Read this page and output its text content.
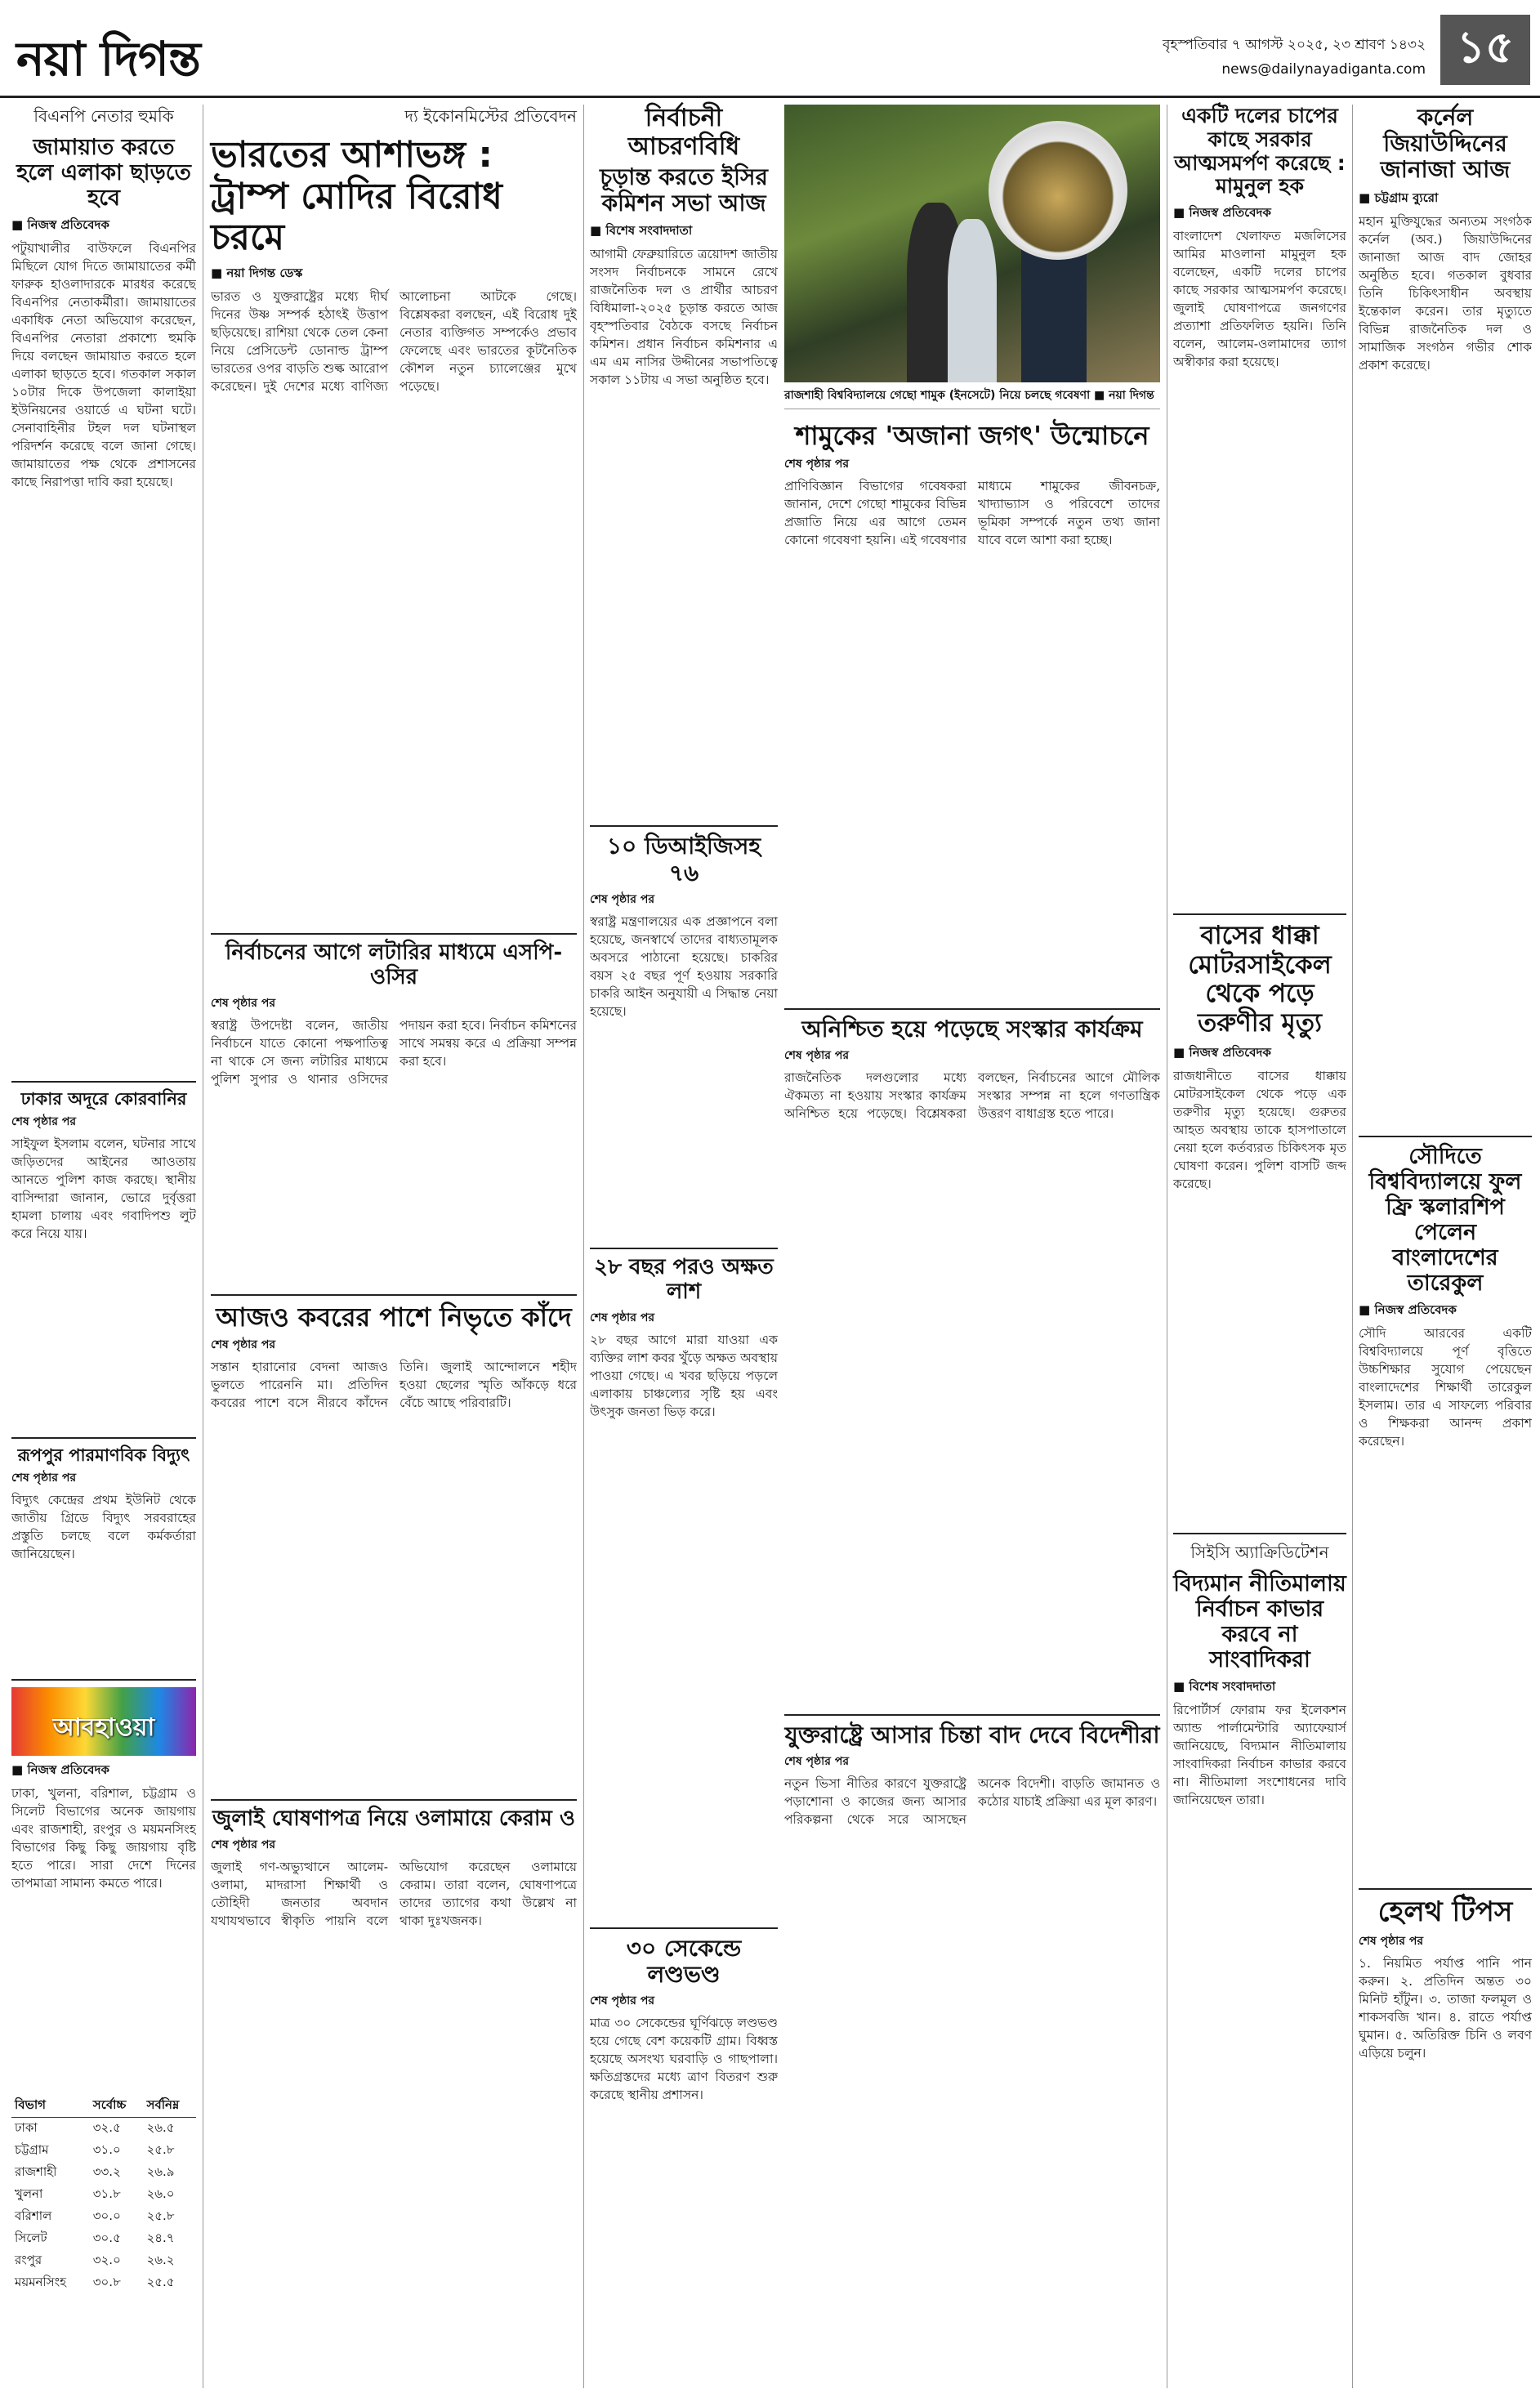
নয়া দিগন্ত	বৃহস্পতিবার ৭ আগস্ট ২০২৫, ২৩ শ্রাবণ ১৪৩২
news@dailynayadiganta.com ১৫
বিএনপি নেতার হুমকি
জামায়াত করতে হলে এলাকা ছাড়তে হবে
■ নিজস্ব প্রতিবেদক
পটুয়াখালীর বাউফলে বিএনপির মিছিলে যোগ দিতে জামায়াতের কর্মী ফারুক হাওলাদারকে মারধর করেছে বিএনপির নেতাকর্মীরা। জামায়াতের একাধিক নেতা অভিযোগ করেছেন, বিএনপির নেতারা প্রকাশ্যে হুমকি দিয়ে বলছেন জামায়াত করতে হলে এলাকা ছাড়তে হবে। গতকাল সকাল ১০টার দিকে উপজেলা কালাইয়া ইউনিয়নের ওয়ার্ডে এ ঘটনা ঘটে। সেনাবাহিনীর টহল দল ঘটনাস্থল পরিদর্শন করেছে বলে জানা গেছে। জামায়াতের পক্ষ থেকে প্রশাসনের কাছে নিরাপত্তা দাবি করা হয়েছে।
ঢাকার অদূরে কোরবানির
শেষ পৃষ্ঠার পর
সাইফুল ইসলাম বলেন, ঘটনার সাথে জড়িতদের আইনের আওতায় আনতে পুলিশ কাজ করছে। স্থানীয় বাসিন্দারা জানান, ভোরে দুর্বৃত্তরা হামলা চালায় এবং গবাদিপশু লুট করে নিয়ে যায়।
রূপপুর পারমাণবিক বিদ্যুৎ
শেষ পৃষ্ঠার পর
বিদ্যুৎ কেন্দ্রের প্রথম ইউনিট থেকে জাতীয় গ্রিডে বিদ্যুৎ সরবরাহের প্রস্তুতি চলছে বলে কর্মকর্তারা জানিয়েছেন।
আবহাওয়া
■ নিজস্ব প্রতিবেদক
ঢাকা, খুলনা, বরিশাল, চট্টগ্রাম ও সিলেট বিভাগের অনেক জায়গায় এবং রাজশাহী, রংপুর ও ময়মনসিংহ বিভাগের কিছু কিছু জায়গায় বৃষ্টি হতে পারে। সারা দেশে দিনের তাপমাত্রা সামান্য কমতে পারে।
বিভাগ	সর্বোচ্চ	সর্বনিম্ন
ঢাকা	৩২.৫	২৬.৫
চট্টগ্রাম	৩১.০	২৫.৮
রাজশাহী	৩৩.২	২৬.৯
খুলনা	৩১.৮	২৬.০
বরিশাল	৩০.০	২৫.৮
সিলেট	৩০.৫	২৪.৭
রংপুর	৩২.০	২৬.২
ময়মনসিংহ	৩০.৮	২৫.৫
দ্য ইকোনমিস্টের প্রতিবেদন
ভারতের আশাভঙ্গ : ট্রাম্প মোদির বিরোধ চরমে
■ নয়া দিগন্ত ডেস্ক
ভারত ও যুক্তরাষ্ট্রের মধ্যে দীর্ঘ দিনের উষ্ণ সম্পর্ক হঠাৎই উত্তাপ ছড়িয়েছে। রাশিয়া থেকে তেল কেনা নিয়ে প্রেসিডেন্ট ডোনাল্ড ট্রাম্প ভারতের ওপর বাড়তি শুল্ক আরোপ করেছেন। দুই দেশের মধ্যে বাণিজ্য আলোচনা আটকে গেছে। বিশ্লেষকরা বলছেন, এই বিরোধ দুই নেতার ব্যক্তিগত সম্পর্কেও প্রভাব ফেলেছে এবং ভারতের কূটনৈতিক কৌশল নতুন চ্যালেঞ্জের মুখে পড়েছে।
নির্বাচনের আগে লটারির মাধ্যমে এসপি-ওসির
শেষ পৃষ্ঠার পর
স্বরাষ্ট্র উপদেষ্টা বলেন, জাতীয় নির্বাচনে যাতে কোনো পক্ষপাতিত্ব না থাকে সে জন্য লটারির মাধ্যমে পুলিশ সুপার ও থানার ওসিদের পদায়ন করা হবে। নির্বাচন কমিশনের সাথে সমন্বয় করে এ প্রক্রিয়া সম্পন্ন করা হবে।
আজও কবরের পাশে নিভৃতে কাঁদে
শেষ পৃষ্ঠার পর
সন্তান হারানোর বেদনা আজও ভুলতে পারেননি মা। প্রতিদিন কবরের পাশে বসে নীরবে কাঁদেন তিনি। জুলাই আন্দোলনে শহীদ হওয়া ছেলের স্মৃতি আঁকড়ে ধরে বেঁচে আছে পরিবারটি।
জুলাই ঘোষণাপত্র নিয়ে ওলামায়ে কেরাম ও
শেষ পৃষ্ঠার পর
জুলাই গণ-অভ্যুত্থানে আলেম-ওলামা, মাদরাসা শিক্ষার্থী ও তৌহিদী জনতার অবদান যথাযথভাবে স্বীকৃতি পায়নি বলে অভিযোগ করেছেন ওলামায়ে কেরাম। তারা বলেন, ঘোষণাপত্রে তাদের ত্যাগের কথা উল্লেখ না থাকা দুঃখজনক।
নির্বাচনী আচরণবিধি
চূড়ান্ত করতে ইসির কমিশন সভা আজ
■ বিশেষ সংবাদদাতা
আগামী ফেব্রুয়ারিতে ত্রয়োদশ জাতীয় সংসদ নির্বাচনকে সামনে রেখে রাজনৈতিক দল ও প্রার্থীর আচরণ বিধিমালা-২০২৫ চূড়ান্ত করতে আজ বৃহস্পতিবার বৈঠকে বসছে নির্বাচন কমিশন। প্রধান নির্বাচন কমিশনার এ এম এম নাসির উদ্দীনের সভাপতিত্বে সকাল ১১টায় এ সভা অনুষ্ঠিত হবে।
১০ ডিআইজিসহ ৭৬
শেষ পৃষ্ঠার পর
স্বরাষ্ট্র মন্ত্রণালয়ের এক প্রজ্ঞাপনে বলা হয়েছে, জনস্বার্থে তাদের বাধ্যতামূলক অবসরে পাঠানো হয়েছে। চাকরির বয়স ২৫ বছর পূর্ণ হওয়ায় সরকারি চাকরি আইন অনুযায়ী এ সিদ্ধান্ত নেয়া হয়েছে।
২৮ বছর পরও অক্ষত লাশ
শেষ পৃষ্ঠার পর
২৮ বছর আগে মারা যাওয়া এক ব্যক্তির লাশ কবর খুঁড়ে অক্ষত অবস্থায় পাওয়া গেছে। এ খবর ছড়িয়ে পড়লে এলাকায় চাঞ্চল্যের সৃষ্টি হয় এবং উৎসুক জনতা ভিড় করে।
৩০ সেকেন্ডে লণ্ডভণ্ড
শেষ পৃষ্ঠার পর
মাত্র ৩০ সেকেন্ডের ঘূর্ণিঝড়ে লণ্ডভণ্ড হয়ে গেছে বেশ কয়েকটি গ্রাম। বিধ্বস্ত হয়েছে অসংখ্য ঘরবাড়ি ও গাছপালা। ক্ষতিগ্রস্তদের মধ্যে ত্রাণ বিতরণ শুরু করেছে স্থানীয় প্রশাসন।
রাজশাহী বিশ্ববিদ্যালয়ে গেছো শামুক (ইনসেটে) নিয়ে চলছে গবেষণা ■ নয়া দিগন্ত
শামুকের 'অজানা জগৎ' উন্মোচনে
শেষ পৃষ্ঠার পর
প্রাণিবিজ্ঞান বিভাগের গবেষকরা জানান, দেশে গেছো শামুকের বিভিন্ন প্রজাতি নিয়ে এর আগে তেমন কোনো গবেষণা হয়নি। এই গবেষণার মাধ্যমে শামুকের জীবনচক্র, খাদ্যাভ্যাস ও পরিবেশে তাদের ভূমিকা সম্পর্কে নতুন তথ্য জানা যাবে বলে আশা করা হচ্ছে।
অনিশ্চিত হয়ে পড়েছে সংস্কার কার্যক্রম
শেষ পৃষ্ঠার পর
রাজনৈতিক দলগুলোর মধ্যে ঐকমত্য না হওয়ায় সংস্কার কার্যক্রম অনিশ্চিত হয়ে পড়েছে। বিশ্লেষকরা বলছেন, নির্বাচনের আগে মৌলিক সংস্কার সম্পন্ন না হলে গণতান্ত্রিক উত্তরণ বাধাগ্রস্ত হতে পারে।
যুক্তরাষ্ট্রে আসার চিন্তা বাদ দেবে বিদেশীরা
শেষ পৃষ্ঠার পর
নতুন ভিসা নীতির কারণে যুক্তরাষ্ট্রে পড়াশোনা ও কাজের জন্য আসার পরিকল্পনা থেকে সরে আসছেন অনেক বিদেশী। বাড়তি জামানত ও কঠোর যাচাই প্রক্রিয়া এর মূল কারণ।
একটি দলের চাপের কাছে সরকার আত্মসমর্পণ করেছে : মামুনুল হক
■ নিজস্ব প্রতিবেদক
বাংলাদেশ খেলাফত মজলিসের আমির মাওলানা মামুনুল হক বলেছেন, একটি দলের চাপের কাছে সরকার আত্মসমর্পণ করেছে। জুলাই ঘোষণাপত্রে জনগণের প্রত্যাশা প্রতিফলিত হয়নি। তিনি বলেন, আলেম-ওলামাদের ত্যাগ অস্বীকার করা হয়েছে।
বাসের ধাক্কা মোটরসাইকেল থেকে পড়ে তরুণীর মৃত্যু
■ নিজস্ব প্রতিবেদক
রাজধানীতে বাসের ধাক্কায় মোটরসাইকেল থেকে পড়ে এক তরুণীর মৃত্যু হয়েছে। গুরুতর আহত অবস্থায় তাকে হাসপাতালে নেয়া হলে কর্তব্যরত চিকিৎসক মৃত ঘোষণা করেন। পুলিশ বাসটি জব্দ করেছে।
সিইসি অ্যাক্রিডিটেশন
বিদ্যমান নীতিমালায় নির্বাচন কাভার করবে না সাংবাদিকরা
■ বিশেষ সংবাদদাতা
রিপোর্টার্স ফোরাম ফর ইলেকশন অ্যান্ড পার্লামেন্টারি অ্যাফেয়ার্স জানিয়েছে, বিদ্যমান নীতিমালায় সাংবাদিকরা নির্বাচন কাভার করবে না। নীতিমালা সংশোধনের দাবি জানিয়েছেন তারা।
কর্নেল জিয়াউদ্দিনের জানাজা আজ
■ চট্টগ্রাম ব্যুরো
মহান মুক্তিযুদ্ধের অন্যতম সংগঠক কর্নেল (অব.) জিয়াউদ্দিনের জানাজা আজ বাদ জোহর অনুষ্ঠিত হবে। গতকাল বুধবার তিনি চিকিৎসাধীন অবস্থায় ইন্তেকাল করেন। তার মৃত্যুতে বিভিন্ন রাজনৈতিক দল ও সামাজিক সংগঠন গভীর শোক প্রকাশ করেছে।
সৌদিতে বিশ্ববিদ্যালয়ে ফুল ফ্রি স্কলারশিপ পেলেন বাংলাদেশের তারেকুল
■ নিজস্ব প্রতিবেদক
সৌদি আরবের একটি বিশ্ববিদ্যালয়ে পূর্ণ বৃত্তিতে উচ্চশিক্ষার সুযোগ পেয়েছেন বাংলাদেশের শিক্ষার্থী তারেকুল ইসলাম। তার এ সাফল্যে পরিবার ও শিক্ষকরা আনন্দ প্রকাশ করেছেন।
হেলথ টিপস
শেষ পৃষ্ঠার পর
১. নিয়মিত পর্যাপ্ত পানি পান করুন। ২. প্রতিদিন অন্তত ৩০ মিনিট হাঁটুন। ৩. তাজা ফলমূল ও শাকসবজি খান। ৪. রাতে পর্যাপ্ত ঘুমান। ৫. অতিরিক্ত চিনি ও লবণ এড়িয়ে চলুন।
